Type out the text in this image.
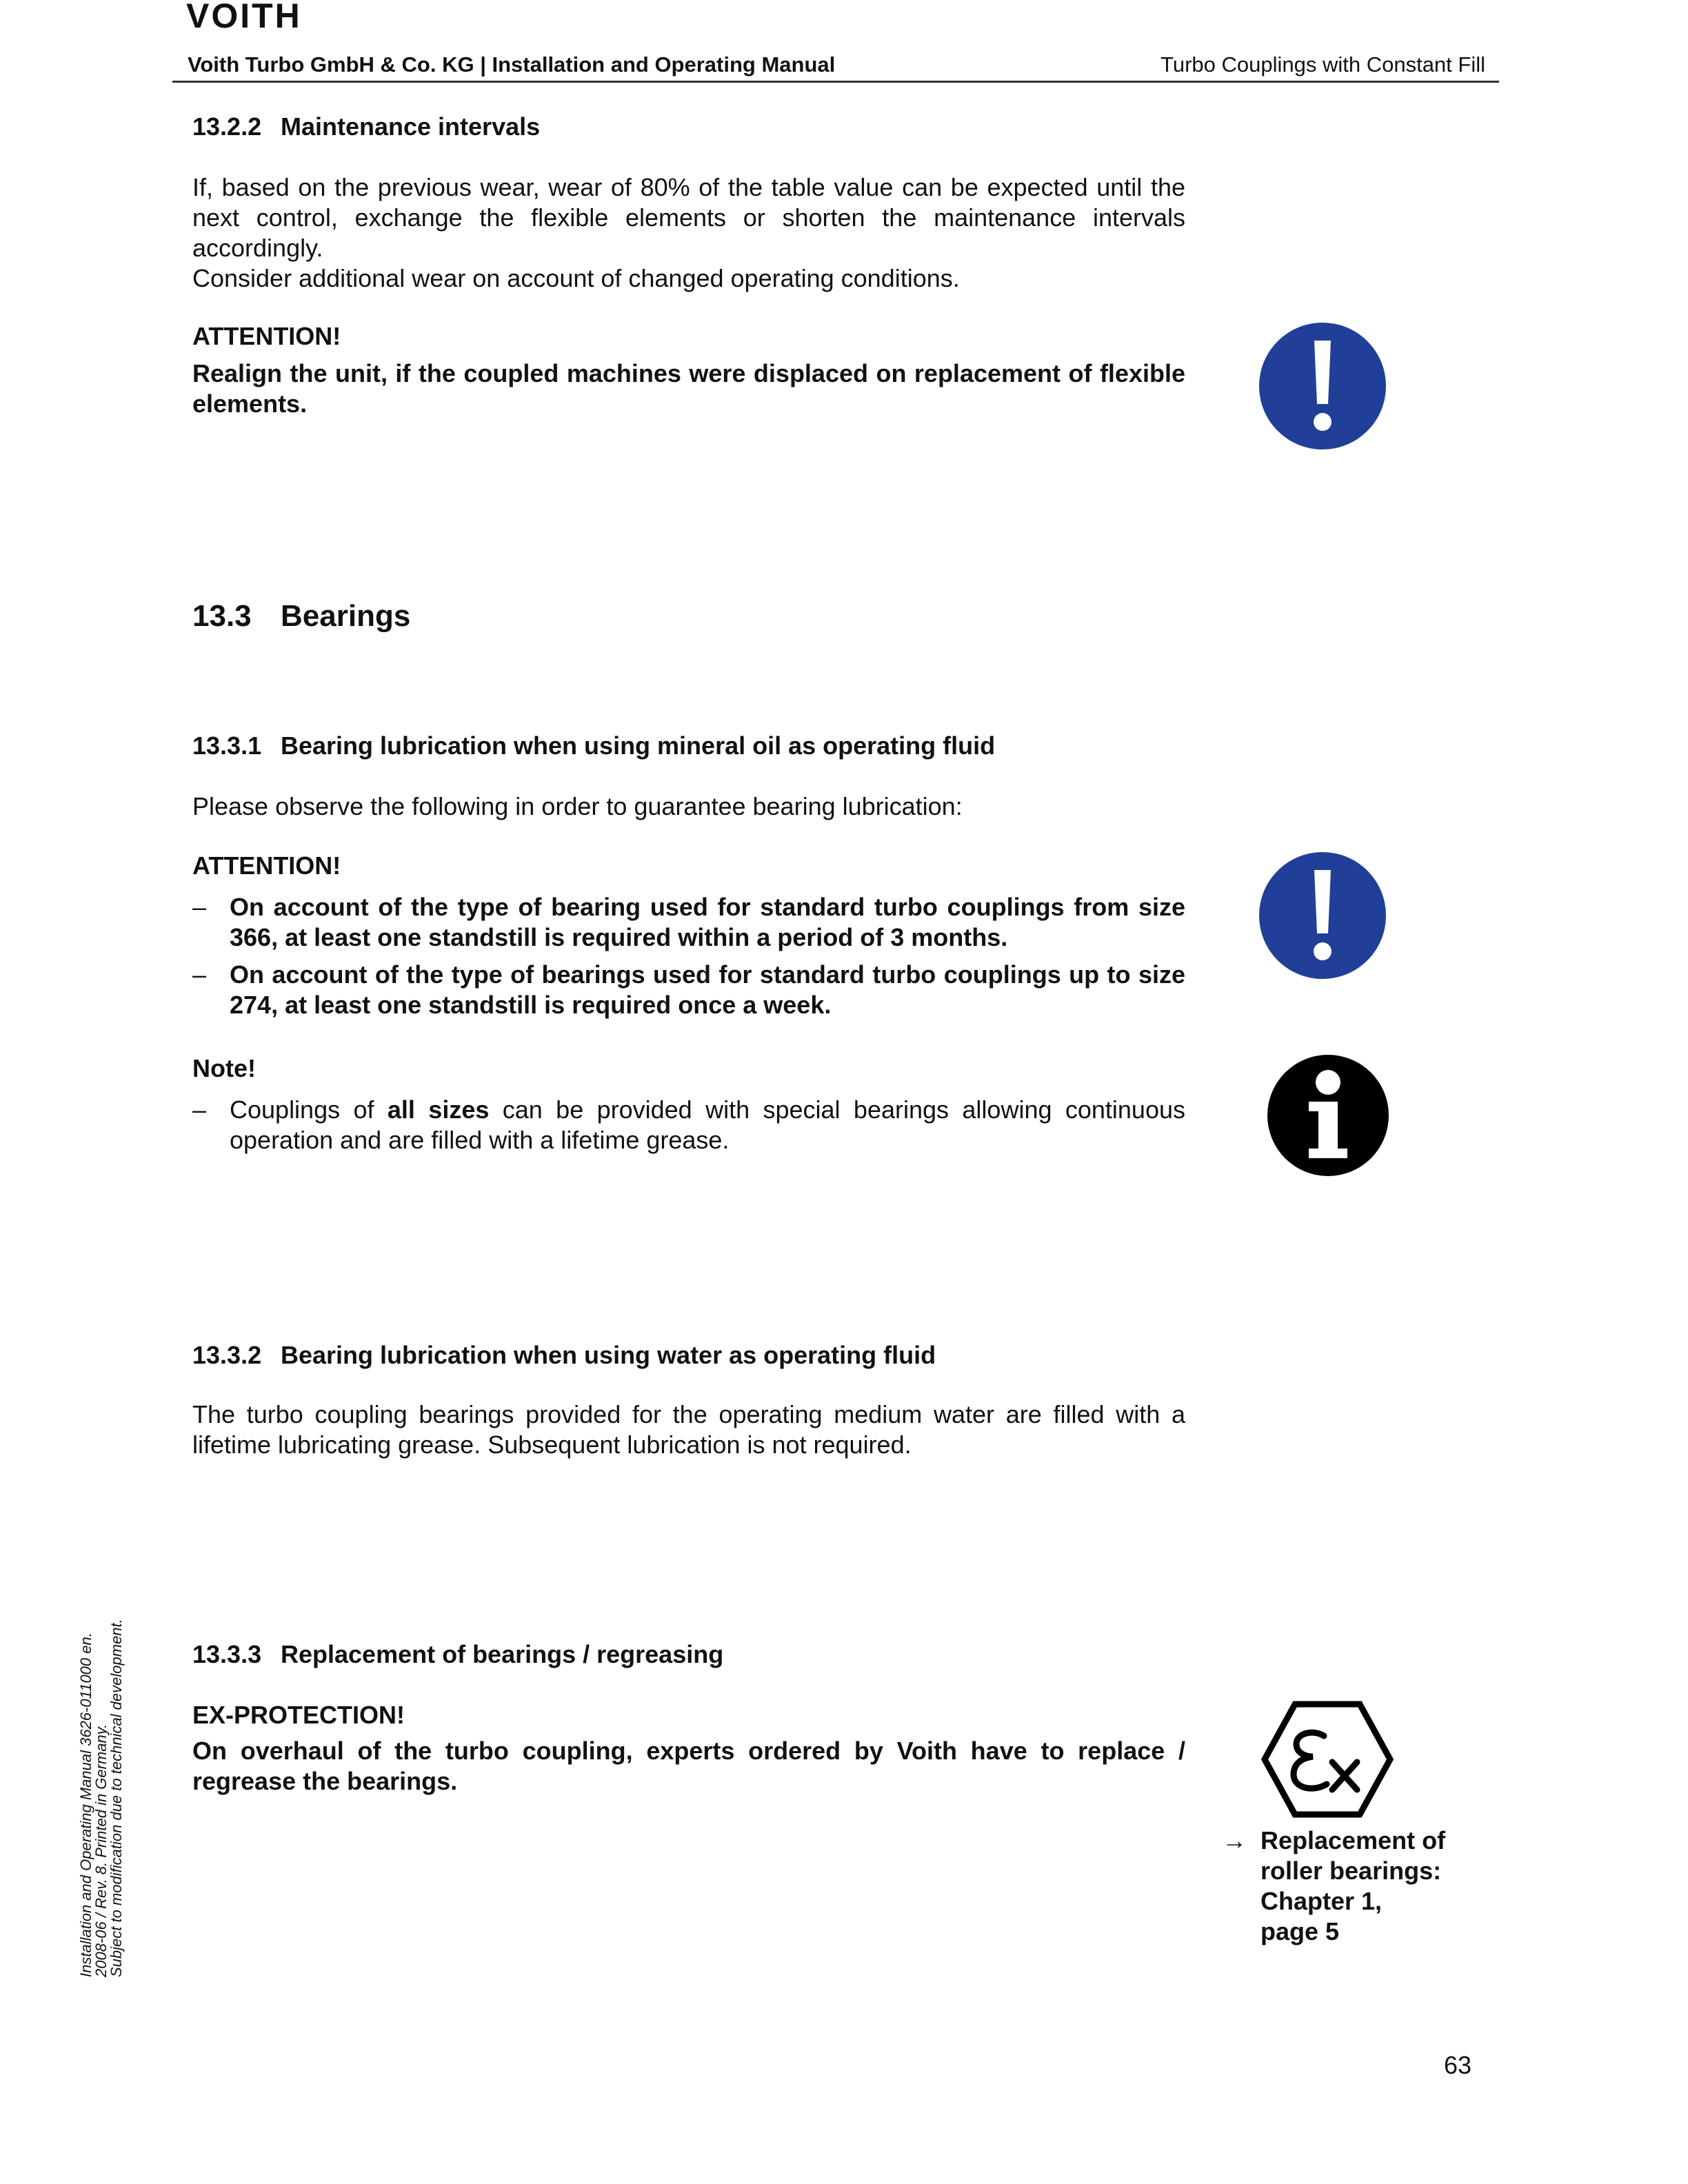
VOITH
Voith Turbo GmbH & Co. KG | Installation and Operating Manual	Turbo Couplings with Constant Fill
13.2.2 Maintenance intervals

If, based on the previous wear, wear of 80% of the table value can be expected until the next control, exchange the flexible elements or shorten the maintenance intervals accordingly.

Consider additional wear on account of changed operating conditions.

ATTENTION!
Realign the unit, if the coupled machines were displaced on replacement of flexible elements.
13.3 Bearings
13.3.1 Bearing lubrication when using mineral oil as operating fluid
Please observe the following in order to guarantee bearing lubrication:
ATTENTION!
– On account of the type of bearing used for standard turbo couplings from size 366, at least one standstill is required within a period of 3 months.
– On account of the type of bearings used for standard turbo couplings up to size 274, at least one standstill is required once a week.
Note!
– Couplings of all sizes can be provided with special bearings allowing continuous operation and are filled with a lifetime grease.
13.3.2 Bearing lubrication when using water as operating fluid
The turbo coupling bearings provided for the operating medium water are filled with a lifetime lubricating grease. Subsequent lubrication is not required.
13.3.3 Replacement of bearings / regreasing
EX-PROTECTION!
On overhaul of the turbo coupling, experts ordered by Voith have to replace / regrease the bearings.
→ Replacement of
roller bearings:
Chapter 1,
page 5
Installation and Operating Manual 3626-011000 en.
2008-06 / Rev. 8. Printed in Germany.
Subject to modification due to technical development.
63
